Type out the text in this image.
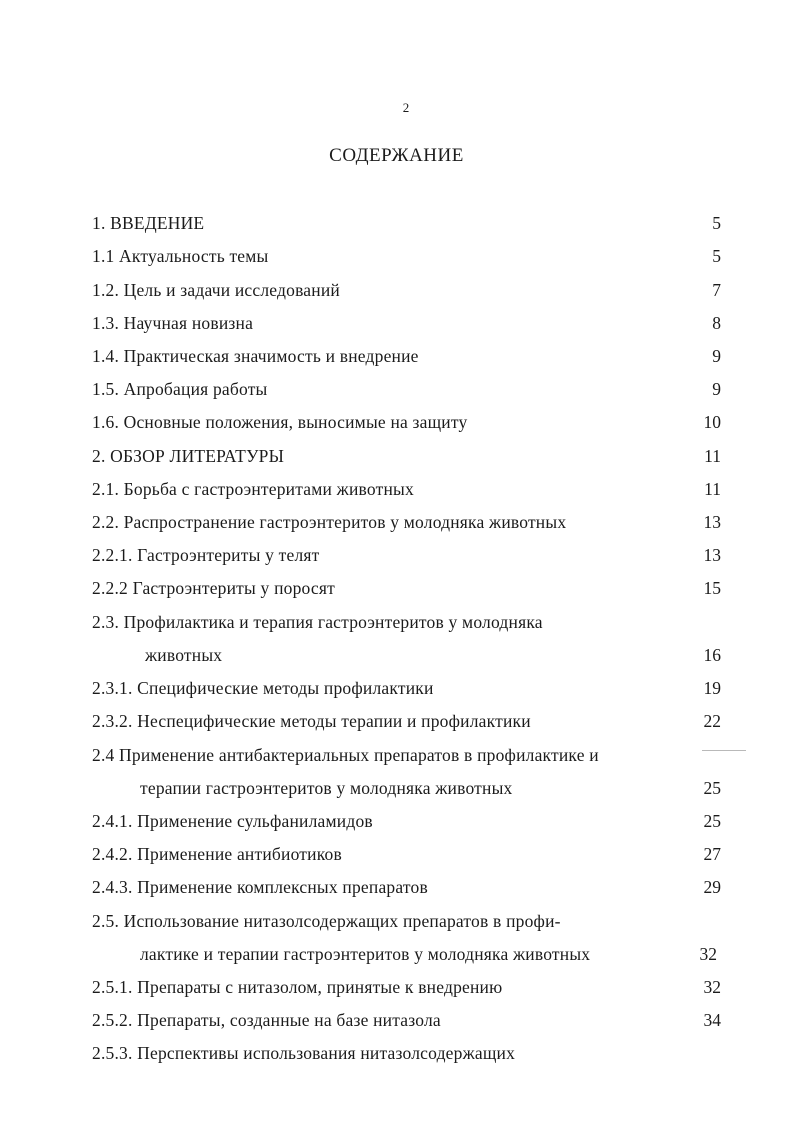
2
СОДЕРЖАНИЕ
1. ВВЕДЕНИЕ	5
1.1 Актуальность темы	5
1.2. Цель и задачи исследований	7
1.3. Научная новизна	8
1.4. Практическая значимость и внедрение	9
1.5. Апробация работы	9
1.6. Основные положения, выносимые на защиту	10
2. ОБЗОР ЛИТЕРАТУРЫ	11
2.1. Борьба с гастроэнтеритами животных	11
2.2. Распространение гастроэнтеритов у молодняка животных	13
2.2.1. Гастроэнтериты у телят	13
2.2.2 Гастроэнтериты у поросят	15
2.3. Профилактика и терапия гастроэнтеритов у молодняка
животных	16
2.3.1. Специфические методы профилактики	19
2.3.2. Неспецифические методы терапии и профилактики	22
2.4 Применение антибактериальных препаратов в профилактике и
терапии гастроэнтеритов у молодняка животных	25
2.4.1. Применение сульфаниламидов	25
2.4.2. Применение антибиотиков	27
2.4.3. Применение комплексных препаратов	29
2.5. Использование нитазолсодержащих препаратов в профи-
лактике и терапии гастроэнтеритов у молодняка животных	32
2.5.1. Препараты с нитазолом, принятые к внедрению	32
2.5.2. Препараты, созданные на базе нитазола	34
2.5.3. Перспективы использования нитазолсодержащих
